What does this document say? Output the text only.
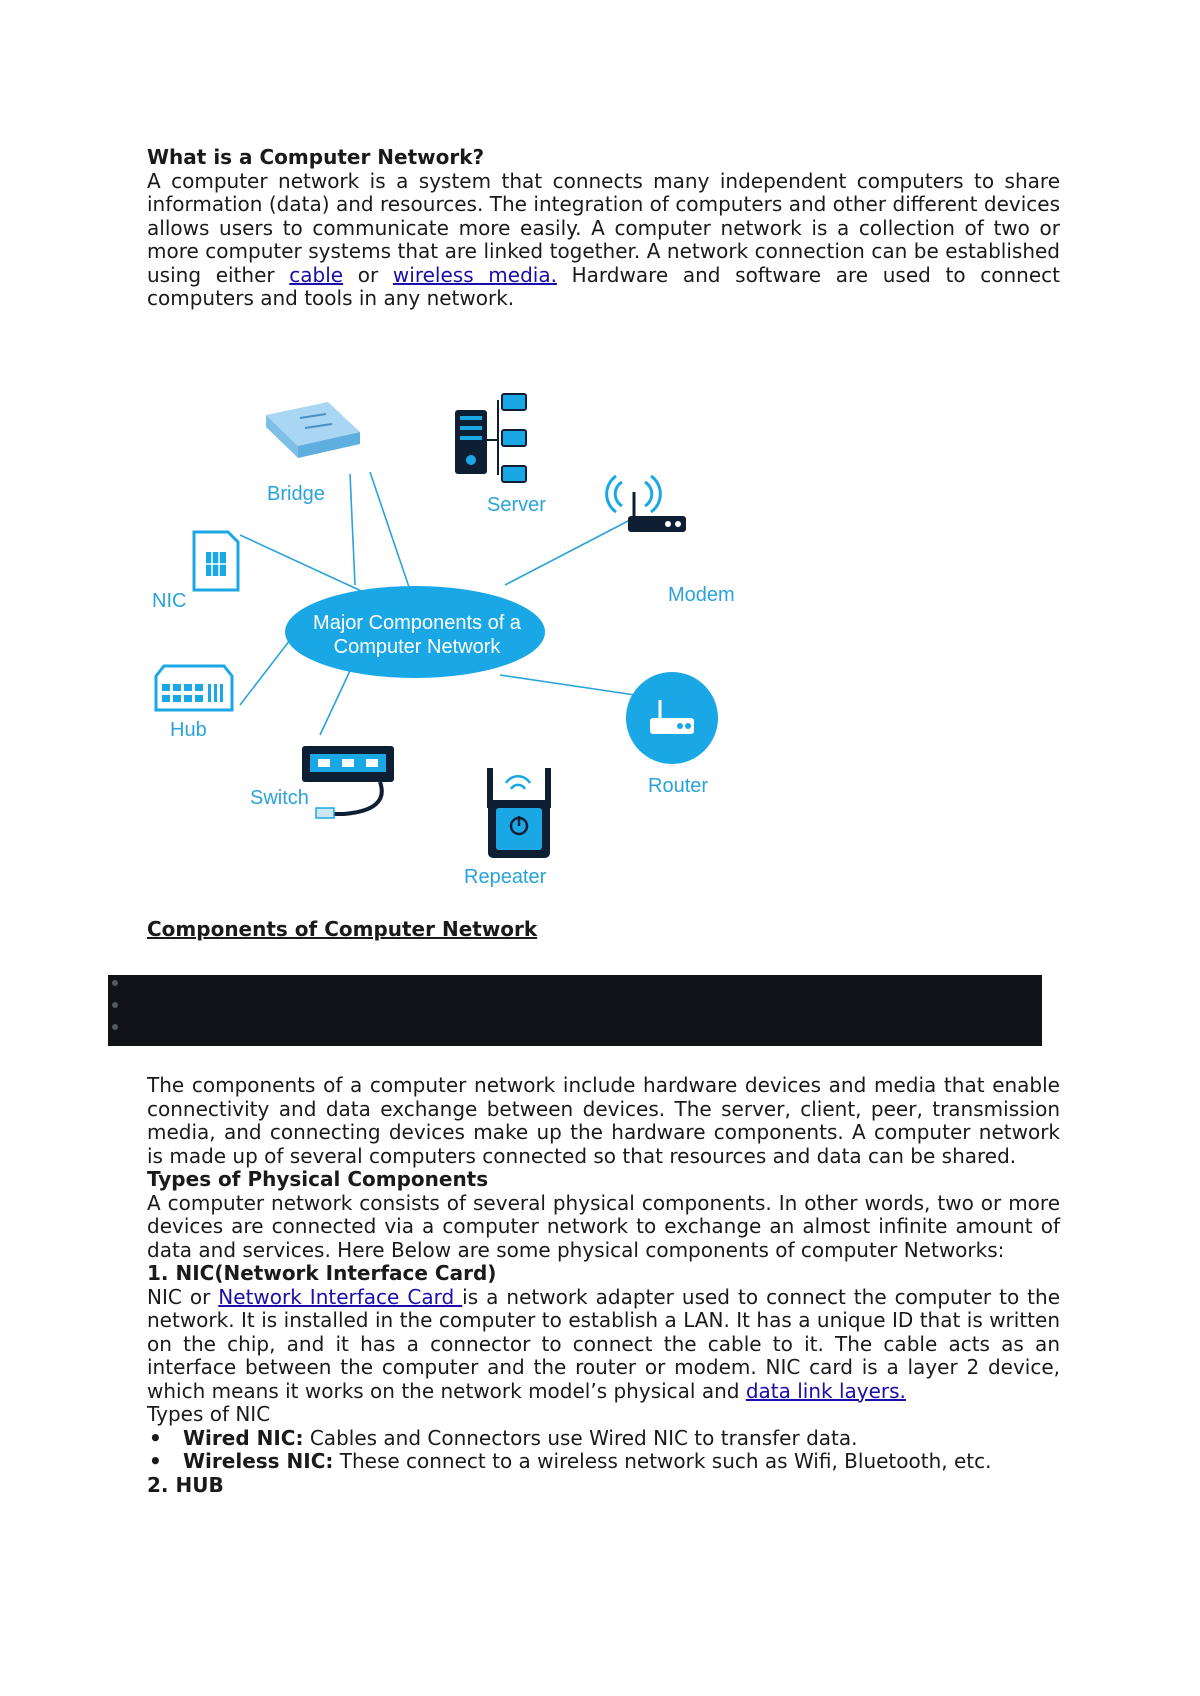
What is a Computer Network?

A computer network is a system that connects many independent computers to share information (data) and resources. The integration of computers and other different devices allows users to communicate more easily. A computer network is a collection of two or more computer systems that are linked together. A network connection can be established using either cable or wireless media. Hardware and software are used to connect computers and tools in any network.

Major Components of a
Computer Network
Bridge	Server
Modem
NIC
Hub
Switch
Repeater
Router
Components of Computer Network

The components of a computer network include hardware devices and media that enable connectivity and data exchange between devices. The server, client, peer, transmission media, and connecting devices make up the hardware components. A computer network is made up of several computers connected so that resources and data can be shared.

Types of Physical Components

A computer network consists of several physical components. In other words, two or more devices are connected via a computer network to exchange an almost infinite amount of data and services. Here Below are some physical components of computer Networks:

1. NIC(Network Interface Card)

NIC or Network Interface Card is a network adapter used to connect the computer to the network. It is installed in the computer to establish a LAN. It has a unique ID that is written on the chip, and it has a connector to connect the cable to it. The cable acts as an interface between the computer and the router or modem. NIC card is a layer 2 device, which means it works on the network model’s physical and data link layers.

Types of NIC

• Wired NIC: Cables and Connectors use Wired NIC to transfer data.
• Wireless NIC: These connect to a wireless network such as Wifi, Bluetooth, etc.

2. HUB
